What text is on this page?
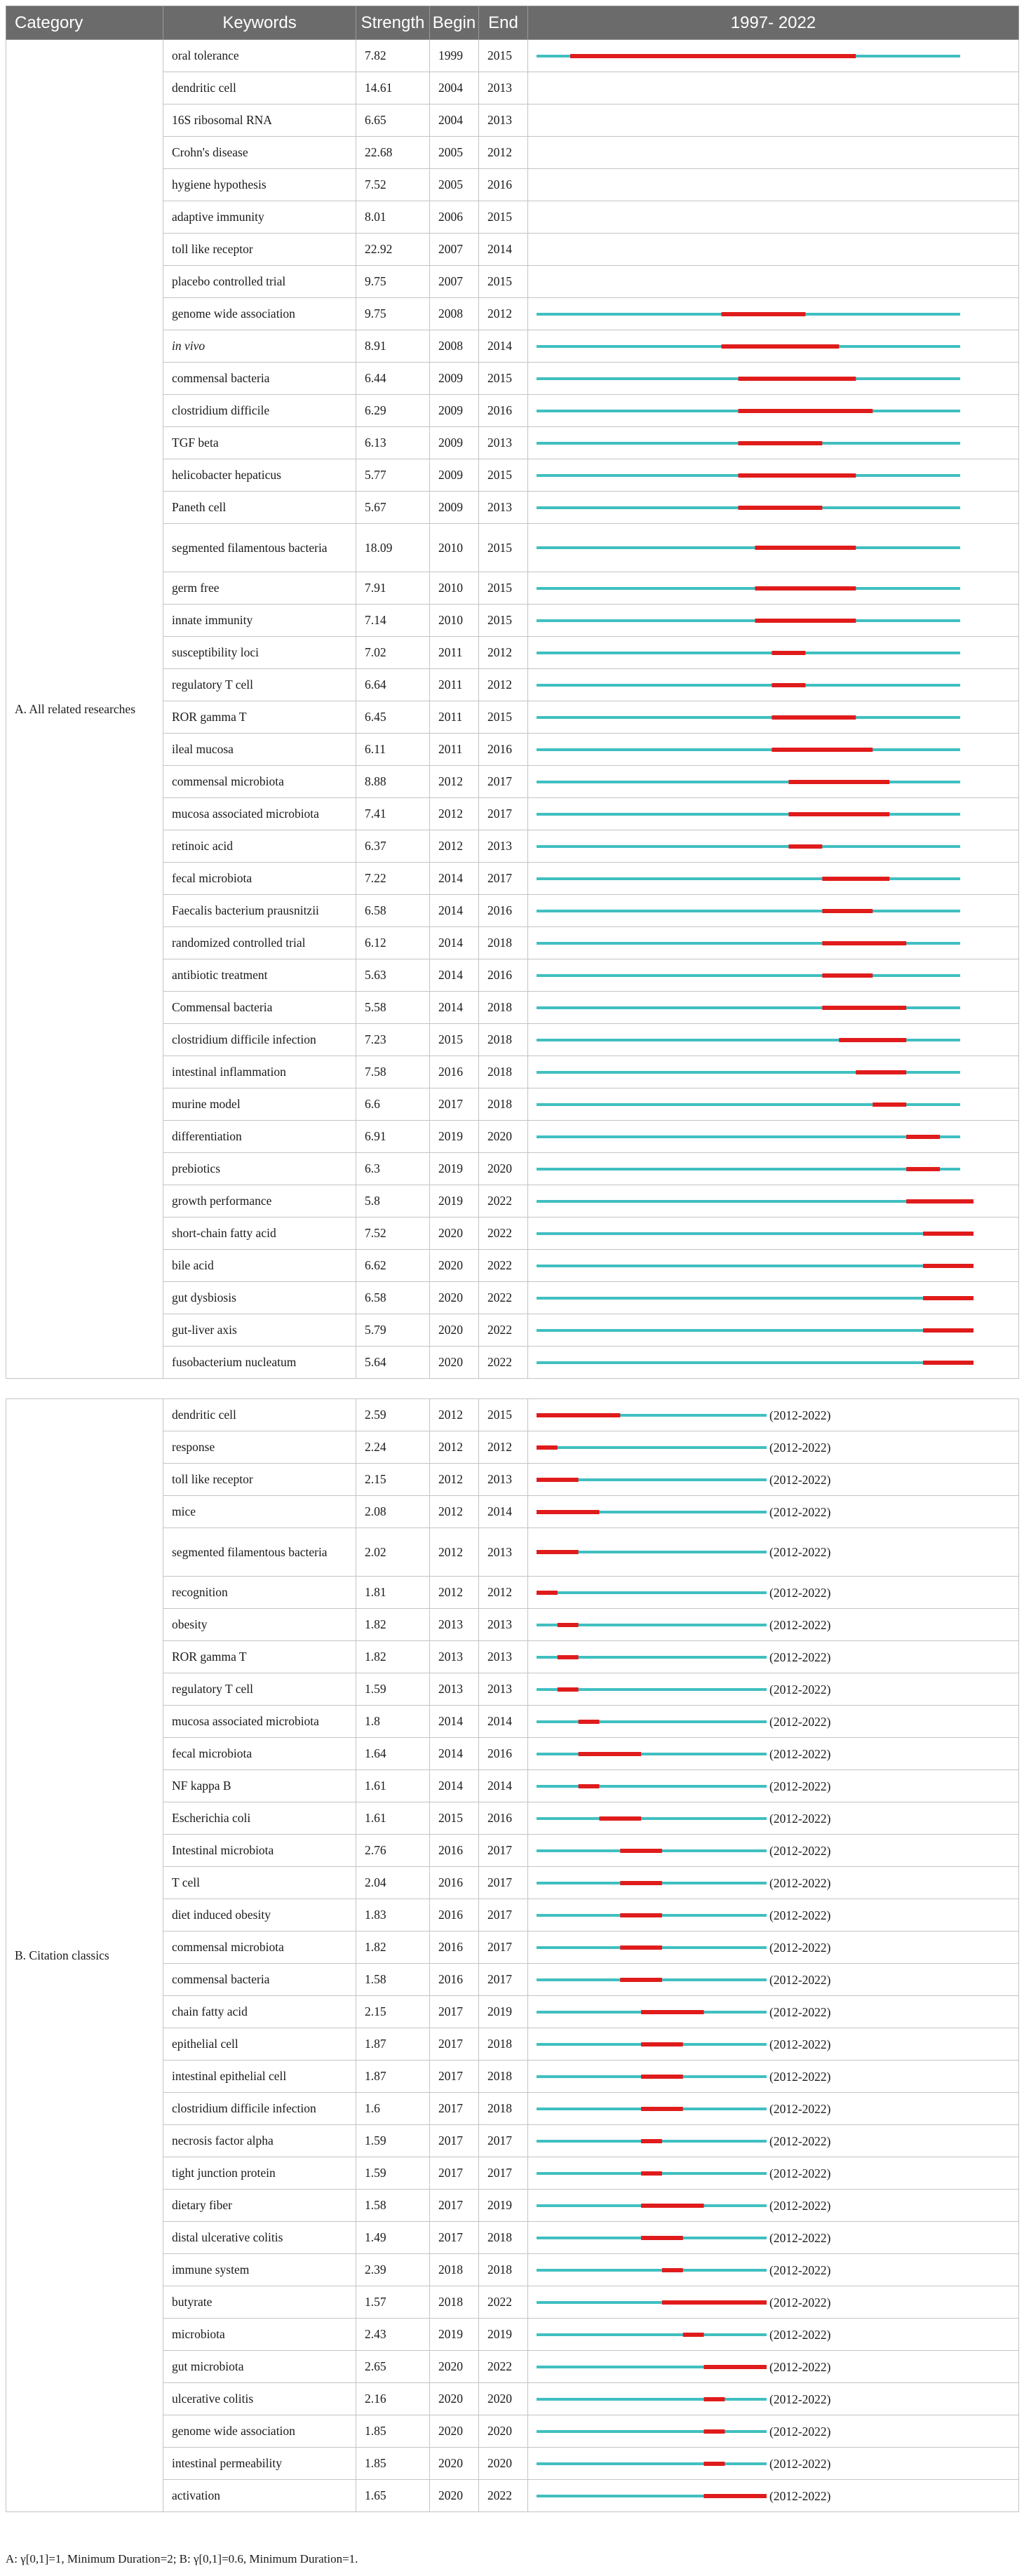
Category	Keywords	Strength	Begin	End	1997- 2022
A. All related researches	oral tolerance	7.82	1999	2015	

	dendritic cell	14.61	2004	2013	
	16S ribosomal RNA	6.65	2004	2013	
	Crohn's disease	22.68	2005	2012	
	hygiene hypothesis	7.52	2005	2016	
	adaptive immunity	8.01	2006	2015	
	toll like receptor	22.92	2007	2014	
	placebo controlled trial	9.75	2007	2015	
	genome wide association	9.75	2008	2012	

	in vivo	8.91	2008	2014	

	commensal bacteria	6.44	2009	2015	

	clostridium difficile	6.29	2009	2016	

	TGF beta	6.13	2009	2013	

	helicobacter hepaticus	5.77	2009	2015	

	Paneth cell	5.67	2009	2013	

	segmented filamentous bacteria	18.09	2010	2015	

	germ free	7.91	2010	2015	

	innate immunity	7.14	2010	2015	

	susceptibility loci	7.02	2011	2012	

	regulatory T cell	6.64	2011	2012	

	ROR gamma T	6.45	2011	2015	

	ileal mucosa	6.11	2011	2016	

	commensal microbiota	8.88	2012	2017	

	mucosa associated microbiota	7.41	2012	2017	

	retinoic acid	6.37	2012	2013	

	fecal microbiota	7.22	2014	2017	

	Faecalis bacterium prausnitzii	6.58	2014	2016	

	randomized controlled trial	6.12	2014	2018	

	antibiotic treatment	5.63	2014	2016	

	Commensal bacteria	5.58	2014	2018	

	clostridium difficile infection	7.23	2015	2018	

	intestinal inflammation	7.58	2016	2018	

	murine model	6.6	2017	2018	

	differentiation	6.91	2019	2020	

	prebiotics	6.3	2019	2020	

	growth performance	5.8	2019	2022	

	short-chain fatty acid	7.52	2020	2022	

	bile acid	6.62	2020	2022	

	gut dysbiosis	6.58	2020	2022	

	gut-liver axis	5.79	2020	2022	

	fusobacterium nucleatum	5.64	2020	2022	

B. Citation classics	dendritic cell	2.59	2012	2015	(2012-2022)

	response	2.24	2012	2012	(2012-2022)

	toll like receptor	2.15	2012	2013	(2012-2022)

	mice	2.08	2012	2014	(2012-2022)

	segmented filamentous bacteria	2.02	2012	2013	(2012-2022)

	recognition	1.81	2012	2012	(2012-2022)

	obesity	1.82	2013	2013	(2012-2022)

	ROR gamma T	1.82	2013	2013	(2012-2022)

	regulatory T cell	1.59	2013	2013	(2012-2022)

	mucosa associated microbiota	1.8	2014	2014	(2012-2022)

	fecal microbiota	1.64	2014	2016	(2012-2022)

	NF kappa B	1.61	2014	2014	(2012-2022)

	Escherichia coli	1.61	2015	2016	(2012-2022)

	Intestinal microbiota	2.76	2016	2017	(2012-2022)

	T cell	2.04	2016	2017	(2012-2022)

	diet induced obesity	1.83	2016	2017	(2012-2022)

	commensal microbiota	1.82	2016	2017	(2012-2022)

	commensal bacteria	1.58	2016	2017	(2012-2022)

	chain fatty acid	2.15	2017	2019	(2012-2022)

	epithelial cell	1.87	2017	2018	(2012-2022)

	intestinal epithelial cell	1.87	2017	2018	(2012-2022)

	clostridium difficile infection	1.6	2017	2018	(2012-2022)

	necrosis factor alpha	1.59	2017	2017	(2012-2022)

	tight junction protein	1.59	2017	2017	(2012-2022)

	dietary fiber	1.58	2017	2019	(2012-2022)

	distal ulcerative colitis	1.49	2017	2018	(2012-2022)

	immune system	2.39	2018	2018	(2012-2022)

	butyrate	1.57	2018	2022	(2012-2022)

	microbiota	2.43	2019	2019	(2012-2022)

	gut microbiota	2.65	2020	2022	(2012-2022)

	ulcerative colitis	2.16	2020	2020	(2012-2022)

	genome wide association	1.85	2020	2020	(2012-2022)

	intestinal permeability	1.85	2020	2020	(2012-2022)

	activation	1.65	2020	2022	(2012-2022)
A: γ[0,1]=1, Minimum Duration=2; B: γ[0,1]=0.6, Minimum Duration=1.
